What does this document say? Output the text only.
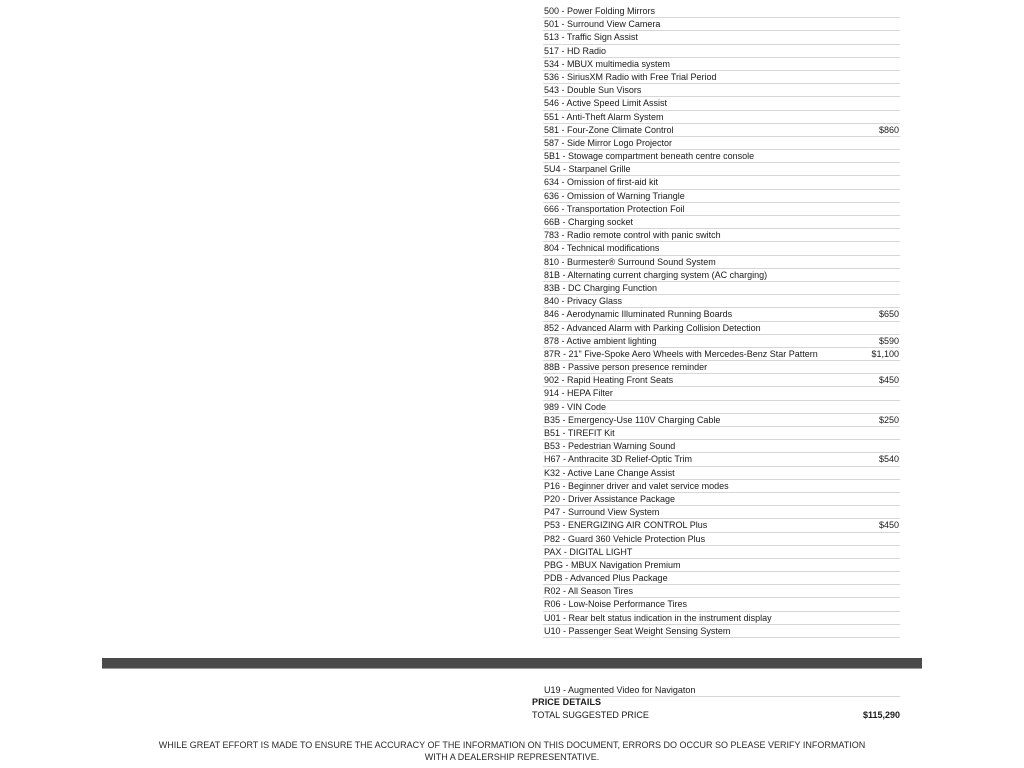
500 - Power Folding Mirrors
501 - Surround View Camera
513 - Traffic Sign Assist
517 - HD Radio
534 - MBUX multimedia system
536 - SiriusXM Radio with Free Trial Period
543 - Double Sun Visors
546 - Active Speed Limit Assist
551 - Anti-Theft Alarm System
581 - Four-Zone Climate Control	$860
587 - Side Mirror Logo Projector
5B1 - Stowage compartment beneath centre console
5U4 - Starpanel Grille
634 - Omission of first-aid kit
636 - Omission of Warning Triangle
666 - Transportation Protection Foil
66B - Charging socket
783 - Radio remote control with panic switch
804 - Technical modifications
810 - Burmester® Surround Sound System
81B - Alternating current charging system (AC charging)
83B - DC Charging Function
840 - Privacy Glass
846 - Aerodynamic Illuminated Running Boards	$650
852 - Advanced Alarm with Parking Collision Detection
878 - Active ambient lighting	$590
87R - 21" Five-Spoke Aero Wheels with Mercedes-Benz Star Pattern	$1,100
88B - Passive person presence reminder
902 - Rapid Heating Front Seats	$450
914 - HEPA Filter
989 - VIN Code
B35 - Emergency-Use 110V Charging Cable	$250
B51 - TIREFIT Kit
B53 - Pedestrian Warning Sound
H67 - Anthracite 3D Relief-Optic Trim	$540
K32 - Active Lane Change Assist
P16 - Beginner driver and valet service modes
P20 - Driver Assistance Package
P47 - Surround View System
P53 - ENERGIZING AIR CONTROL Plus	$450
P82 - Guard 360 Vehicle Protection Plus
PAX - DIGITAL LIGHT
PBG - MBUX Navigation Premium
PDB - Advanced Plus Package
R02 - All Season Tires
R06 - Low-Noise Performance Tires
U01 - Rear belt status indication in the instrument display
U10 - Passenger Seat Weight Sensing System
U19 - Augmented Video for Navigaton
PRICE DETAILS
TOTAL SUGGESTED PRICE	$115,290
WHILE GREAT EFFORT IS MADE TO ENSURE THE ACCURACY OF THE INFORMATION ON THIS DOCUMENT, ERRORS DO OCCUR SO PLEASE VERIFY INFORMATION WITH A DEALERSHIP REPRESENTATIVE.
